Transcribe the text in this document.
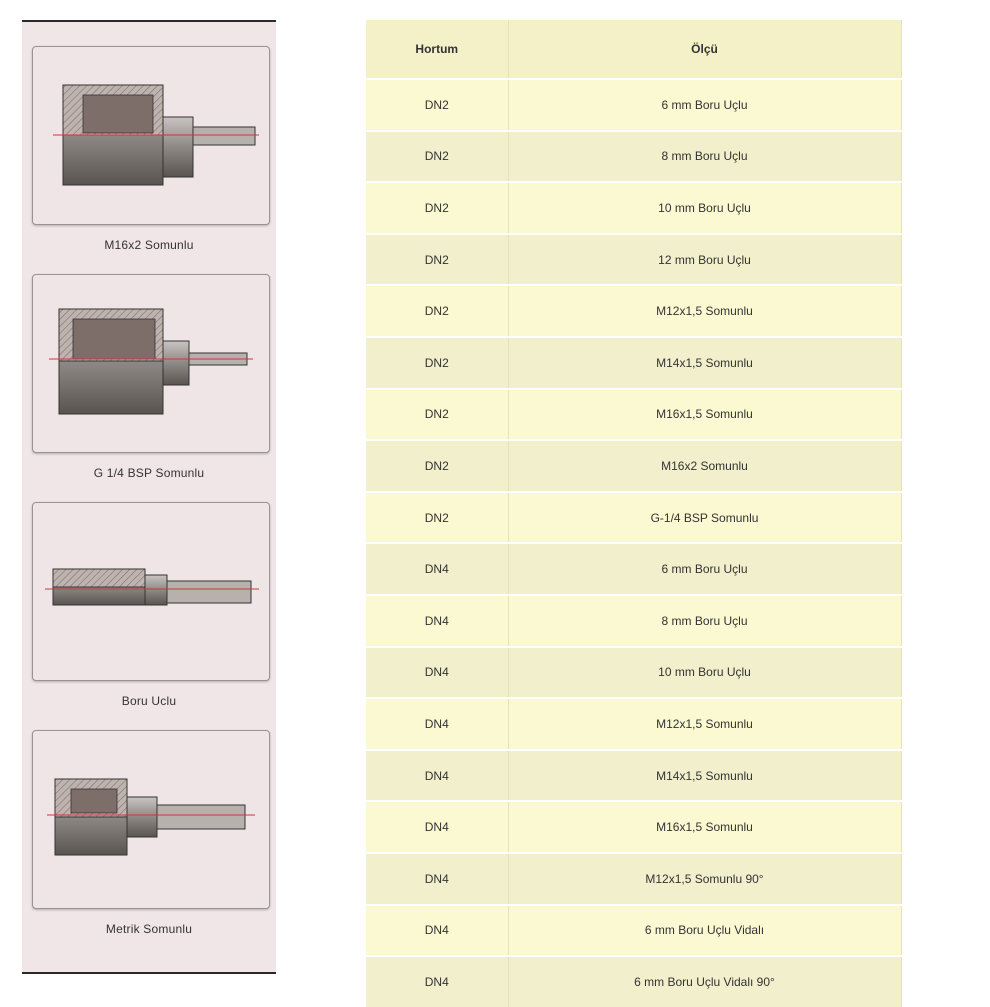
M16x2 Somunlu
G 1/4 BSP Somunlu
Boru Uclu
Metrik Somunlu
Hortum	Ölçü
DN2	6 mm Boru Uçlu
DN2	8 mm Boru Uçlu
DN2	10 mm Boru Uçlu
DN2	12 mm Boru Uçlu
DN2	M12x1,5 Somunlu
DN2	M14x1,5 Somunlu
DN2	M16x1,5 Somunlu
DN2	M16x2 Somunlu
DN2	G-1/4 BSP Somunlu
DN4	6 mm Boru Uçlu
DN4	8 mm Boru Uçlu
DN4	10 mm Boru Uçlu
DN4	M12x1,5 Somunlu
DN4	M14x1,5 Somunlu
DN4	M16x1,5 Somunlu
DN4	M12x1,5 Somunlu 90°
DN4	6 mm Boru Uçlu Vidalı
DN4	6 mm Boru Uçlu Vidalı 90°
